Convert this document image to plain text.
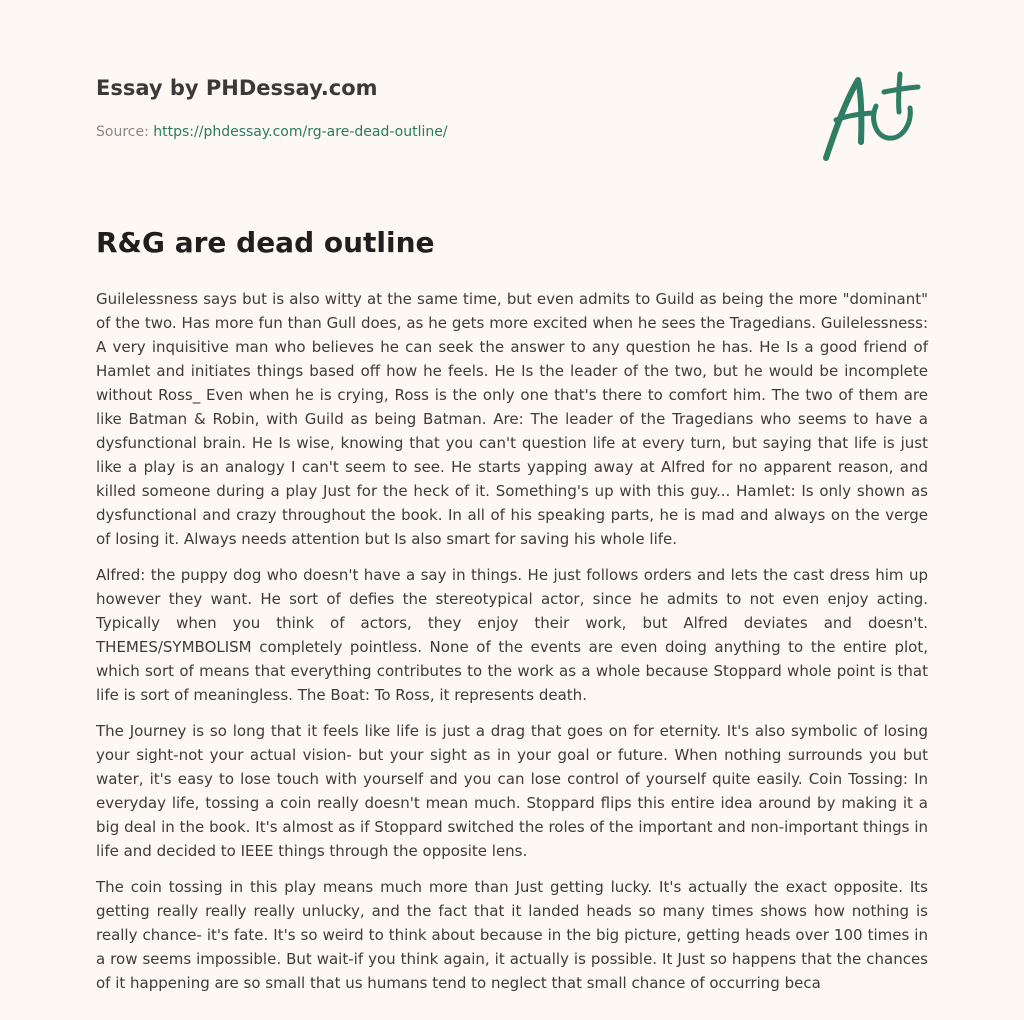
Essay by PHDessay.com
Source: https://phdessay.com/rg-are-dead-outline/
R&G are dead outline

Guilelessness says but is also witty at the same time, but even admits to Guild as being the more "dominant" of the two. Has more fun than Gull does, as he gets more excited when he sees the Tragedians. Guilelessness: A very inquisitive man who believes he can seek the answer to any question he has. He Is a good friend of Hamlet and initiates things based off how he feels. He Is the leader of the two, but he would be incomplete without Ross_ Even when he is crying, Ross is the only one that's there to comfort him. The two of them are like Batman & Robin, with Guild as being Batman. Are: The leader of the Tragedians who seems to have a dysfunctional brain. He Is wise, knowing that you can't question life at every turn, but saying that life is just like a play is an analogy I can't seem to see. He starts yapping away at Alfred for no apparent reason, and killed someone during a play Just for the heck of it. Something's up with this guy... Hamlet: Is only shown as dysfunctional and crazy throughout the book. In all of his speaking parts, he is mad and always on the verge of losing it. Always needs attention but Is also smart for saving his whole life.

Alfred: the puppy dog who doesn't have a say in things. He just follows orders and lets the cast dress him up however they want. He sort of defies the stereotypical actor, since he admits to not even enjoy acting. Typically when you think of actors, they enjoy their work, but Alfred deviates and doesn't. THEMES/SYMBOLISM completely pointless. None of the events are even doing anything to the entire plot, which sort of means that everything contributes to the work as a whole because Stoppard whole point is that life is sort of meaningless. The Boat: To Ross, it represents death.

The Journey is so long that it feels like life is just a drag that goes on for eternity. It's also symbolic of losing your sight-not your actual vision- but your sight as in your goal or future. When nothing surrounds you but water, it's easy to lose touch with yourself and you can lose control of yourself quite easily. Coin Tossing: In everyday life, tossing a coin really doesn't mean much. Stoppard flips this entire idea around by making it a big deal in the book. It's almost as if Stoppard switched the roles of the important and non-important things in life and decided to IEEE things through the opposite lens.

The coin tossing in this play means much more than Just getting lucky. It's actually the exact opposite. Its getting really really really unlucky, and the fact that it landed heads so many times shows how nothing is really chance- it's fate. It's so weird to think about because in the big picture, getting heads over 100 times in a row seems impossible. But wait-if you think again, it actually is possible. It Just so happens that the chances of it happening are so small that us humans tend to neglect that small chance of occurring beca
